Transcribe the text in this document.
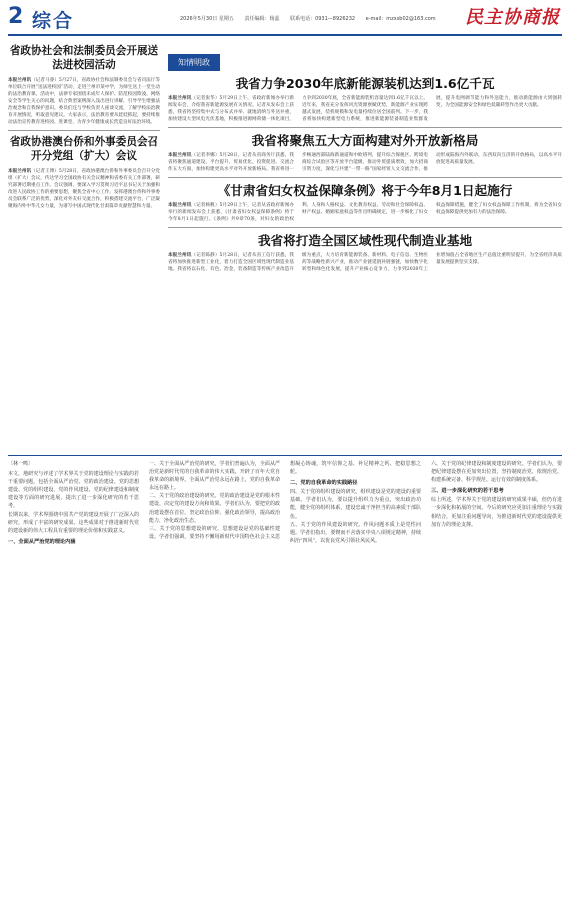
2 综合	2026年5月30日 星期五 责任编辑：杨蕊 联系电话：0931—8926232 e-mail：mzxsb02@163.com	民主协商报
省政协社会和法制委员会开展送法进校园活动
本报兰州讯（记者马睿）5月27日，省政协社会和法制委员会与省司法厅等单位联合开展“送法进校园”活动，走进兰州市某中学，为师生送上一堂生动的法治教育课。活动中，法律专家围绕未成年人保护、防范校园欺凌、网络安全等学生关心的问题，结合典型案例深入浅出进行讲解，引导学生增强法治观念和自我保护意识。委员们还与学校负责人座谈交流，了解学校法治教育开展情况，听取意见建议。大家表示，法治教育要从娃娃抓起，要持续推动法治宣传教育进校园、进课堂，为青少年健康成长营造良好法治环境。
省政协港澳台侨和外事委员会召开分党组（扩大）会议
本报兰州讯（记者王博）5月28日，省政协港澳台侨和外事委员会召开分党组（扩大）会议，传达学习全国政协有关会议精神和省委有关工作部署，研究部署近期重点工作。会议强调，要深入学习贯彻习近平总书记关于加强和改进人民政协工作的重要思想，聚焦全省中心工作，发挥港澳台侨和外事委员会联系广泛的优势，深化对外友好交流合作，积极搭建交流平台，广泛凝聚海内外中华儿女力量，为谱写中国式现代化甘肃篇章贡献智慧和力量。
知情明政
我省力争2030年底新能源装机达到1.6亿千瓦
本报兰州讯（记者张华）5月29日上午，省政府新闻办举行新闻发布会，介绍我省新能源发展有关情况。记者从发布会上获悉，我省将坚持集中式与分布式并举、就地消纳与外送并重，加快建设大型风电光伏基地，积极推进源网荷储一体化项目，力争到2030年底，全省新能源装机容量达到1.6亿千瓦以上。近年来，我省充分发挥风光资源禀赋优势，新能源产业实现跨越式发展，装机规模和发电量持续位居全国前列。下一步，我省将加快构建新型电力系统，推进新能源装备制造业集群发展，提升电网调节能力和外送能力，推动新能源由大到强转变，为全国能源安全和绿色低碳转型作出更大贡献。
我省将聚焦五大方面构建对外开放新格局
本报兰州讯（记者李娜）5月28日，记者从省商务厅获悉，我省将聚焦通道建设、平台提升、贸易优化、投资促进、交流合作五大方面，加快构建更高水平对外开放新格局。我省将进一步畅通西部陆海新通道和中欧班列，提升综合保税区、跨境电商综合试验区等开放平台能级，推动外贸提质增效，加大招商引资力度，深化与共建“一带一路”国家经贸人文交流合作，推动形成陆海内外联动、东西双向互济的开放格局，以高水平开放促进高质量发展。
《甘肃省妇女权益保障条例》将于今年8月1日起施行
本报兰州讯（记者杨帆）5月29日上午，记者从省政府新闻办举行的新闻发布会上获悉，《甘肃省妇女权益保障条例》将于今年8月1日起施行。《条例》共9章70条，对妇女的政治权利、人身和人格权益、文化教育权益、劳动和社会保障权益、财产权益、婚姻家庭权益等作出明确规定，进一步细化了妇女权益保障措施，健全了妇女权益保障工作机制，将为全省妇女权益保障提供更加有力的法治保障。
我省将打造全国区域性现代制造业基地
本报兰州讯（记者陈静）5月28日，记者从省工信厅获悉，我省将加快推进新型工业化，着力打造全国区域性现代制造业基地。我省将以石化、有色、冶金、装备制造等传统产业改造升级为重点，大力培育新能源装备、新材料、电子信息、生物医药等战略性新兴产业，推动产业链延链补链强链，加快数字化转型和绿色化发展，提升产业核心竞争力，力争到2030年工业增加值占全省地区生产总值比重明显提升，为全省经济高质量发展提供坚实支撑。
〔林一鸣〕

本文，地研究与评述了学术界关于党的建设理论与实践的若干重要问题，包括全面从严治党、党的政治建设、党的思想建设、党的组织建设、党的作风建设、党的纪律建设和制度建设等方面的研究进展，提出了进一步深化研究的若干思考。

长期以来，学术界围绕中国共产党的建设开展了广泛深入的研究，形成了丰富的研究成果。这些成果对于推进新时代党的建设新的伟大工程具有重要的理论价值和实践意义。

一、全面从严治党的理论内涵

一、关于全面从严治党的研究。学者们普遍认为，全面从严治党是新时代党的自我革命的伟大实践，开辟了百年大党自我革命的新境界。全面从严治党永远在路上，党的自我革命永远在路上。

二、关于党的政治建设的研究。党的政治建设是党的根本性建设，决定党的建设方向和效果。学者们认为，要把党的政治建设摆在首位，坚定政治信仰，强化政治领导，提高政治能力，净化政治生态。

三、关于党的思想建设的研究。思想建设是党的基础性建设。学者们强调，要坚持不懈用新时代中国特色社会主义思想凝心铸魂，筑牢信仰之基、补足精神之钙、把稳思想之舵。

二、党的自我革命的实践路径

四、关于党的组织建设的研究。组织建设是党的建设的重要基础。学者们认为，要以提升组织力为重点，突出政治功能，健全党的组织体系，建设忠诚干净担当的高素质干部队伍。

五、关于党的作风建设的研究。作风问题本质上是党性问题。学者们指出，要锲而不舍落实中央八项规定精神，持续纠治“四风”，以优良党风引领社风民风。

六、关于党的纪律建设和制度建设的研究。学者们认为，要把纪律建设摆在更加突出位置，坚持制度治党、依规治党，构建系统完备、科学规范、运行有效的制度体系。

三、进一步深化研究的若干思考

综上所述，学术界关于党的建设的研究成果丰硕，但仍有进一步深化和拓展的空间。今后的研究应更加注重理论与实践相结合，更加注重问题导向，为推进新时代党的建设提供更加有力的理论支撑。
